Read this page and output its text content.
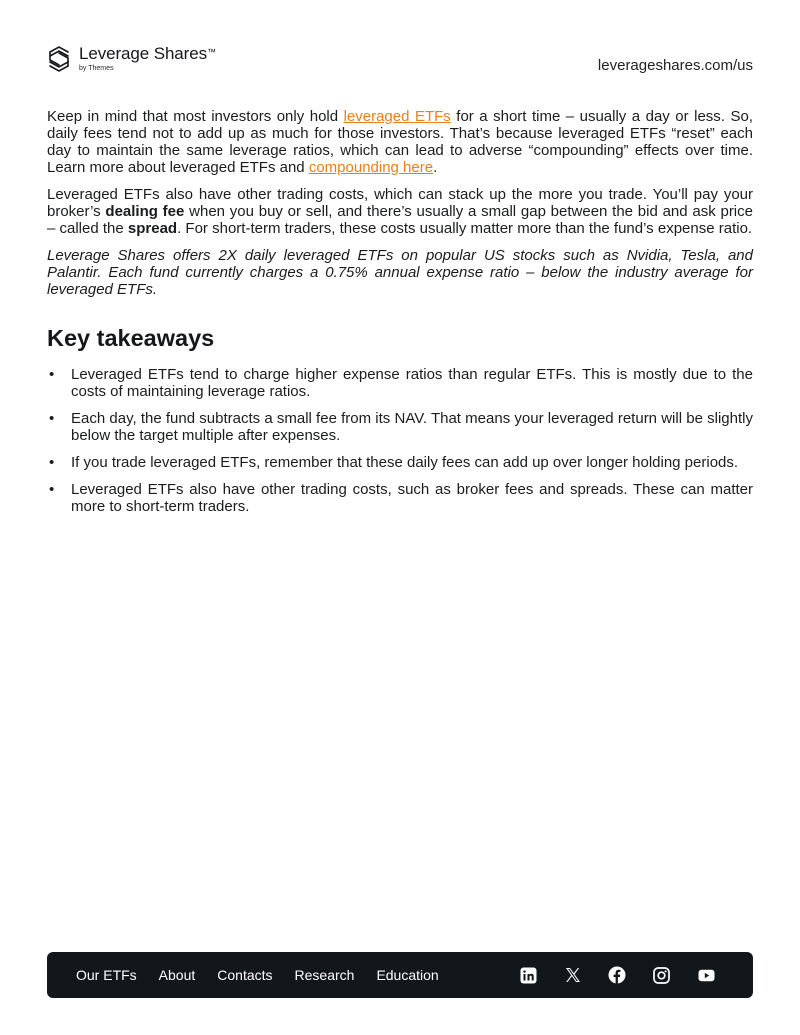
Leverage Shares™
by Themes	leverageshares.com/us

Keep in mind that most investors only hold leveraged ETFs for a short time – usually a day or less. So, daily fees tend not to add up as much for those investors. That’s because leveraged ETFs “reset” each day to maintain the same leverage ratios, which can lead to adverse “compounding” effects over time. Learn more about leveraged ETFs and compounding here.

Leveraged ETFs also have other trading costs, which can stack up the more you trade. You’ll pay your broker’s dealing fee when you buy or sell, and there’s usually a small gap between the bid and ask price – called the spread. For short-term traders, these costs usually matter more than the fund’s expense ratio.

Leverage Shares offers 2X daily leveraged ETFs on popular US stocks such as Nvidia, Tesla, and Palantir. Each fund currently charges a 0.75% annual expense ratio – below the industry average for leveraged ETFs.

Key takeaways
• Leveraged ETFs tend to charge higher expense ratios than regular ETFs. This is mostly due to the costs of maintaining leverage ratios.
• Each day, the fund subtracts a small fee from its NAV. That means your leveraged return will be slightly below the target multiple after expenses.
• If you trade leveraged ETFs, remember that these daily fees can add up over longer holding periods.
• Leveraged ETFs also have other trading costs, such as broker fees and spreads. These can matter more to short-term traders.
Our ETFs About Contacts Research Education
